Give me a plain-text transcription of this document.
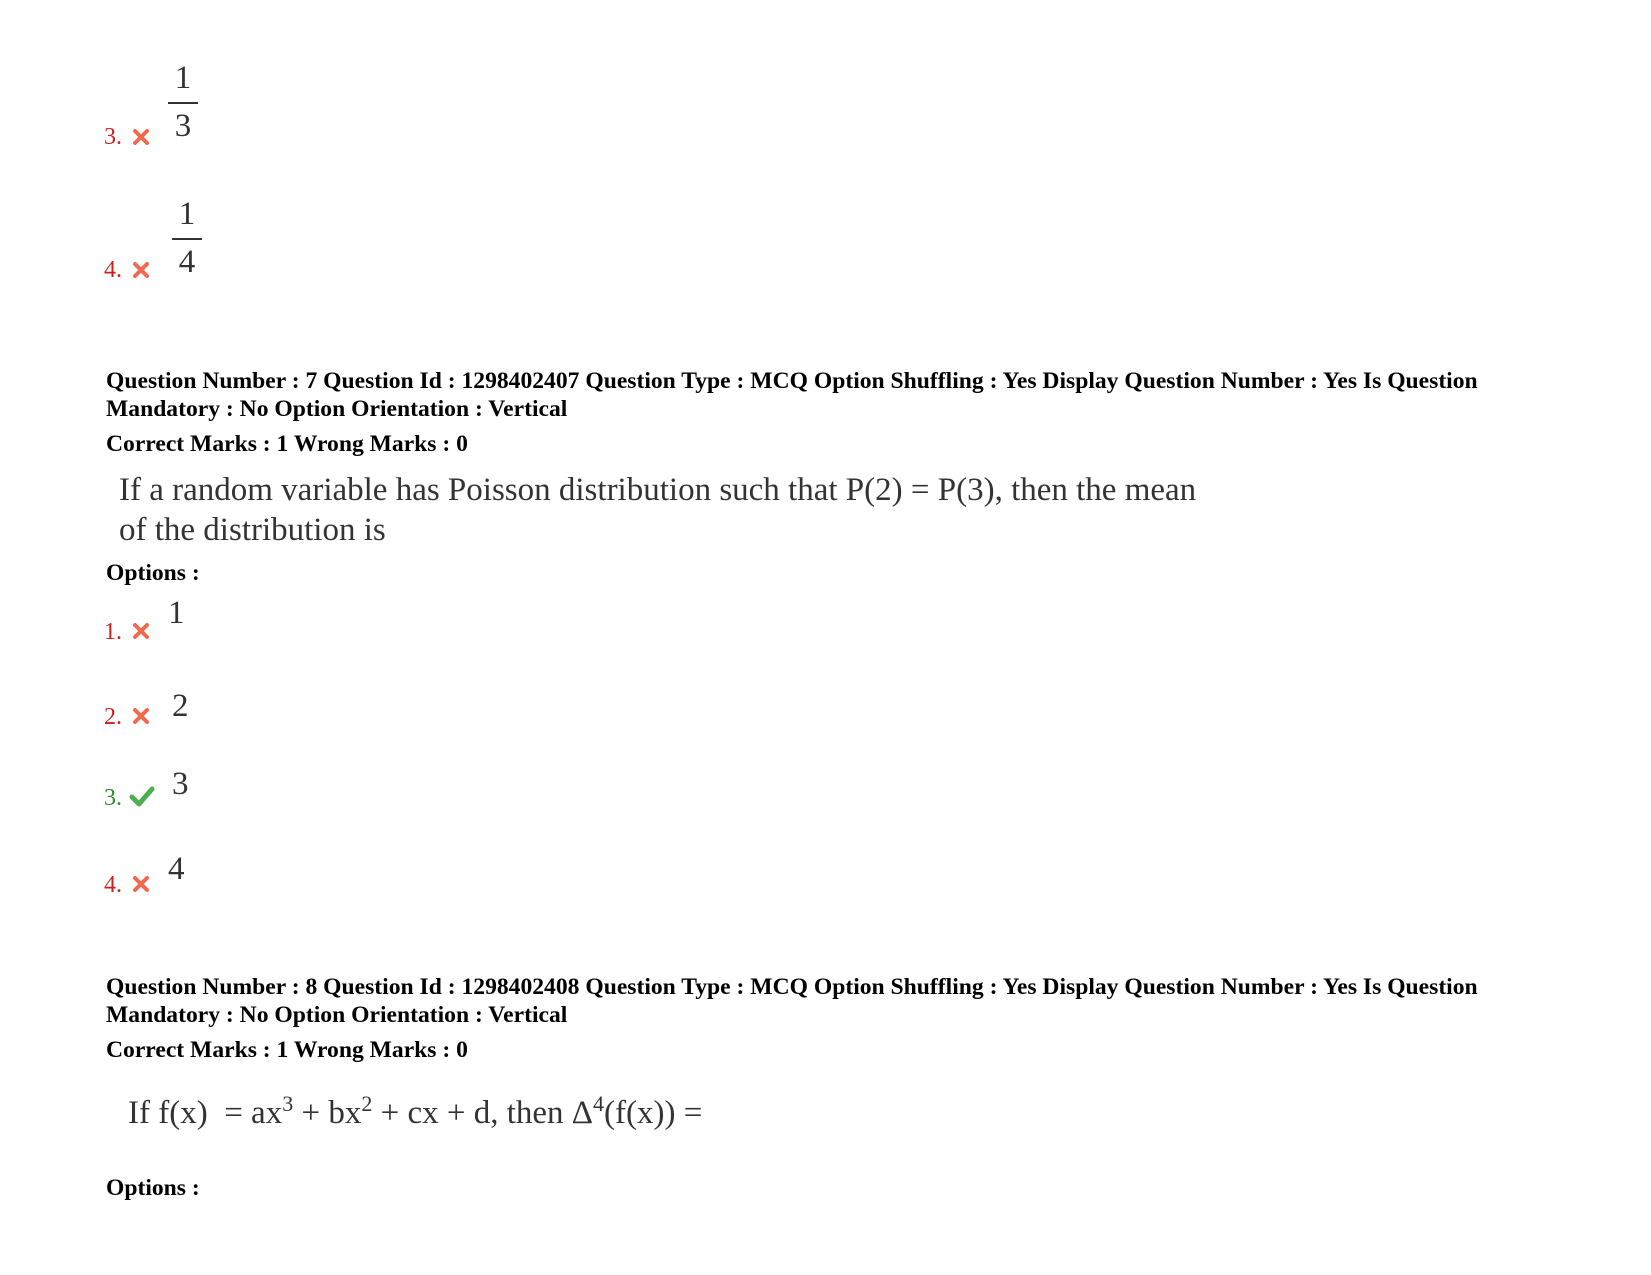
3.
1
3
4.
1
4
Question Number : 7 Question Id : 1298402407 Question Type : MCQ Option Shuffling : Yes Display Question Number : Yes Is Question
Mandatory : No Option Orientation : Vertical
Correct Marks : 1 Wrong Marks : 0
If a random variable has Poisson distribution such that P(2) = P(3), then the mean
of the distribution is
Options :
1.
1
2. 2
3. 3
4. 4
Question Number : 8 Question Id : 1298402408 Question Type : MCQ Option Shuffling : Yes Display Question Number : Yes Is Question
Mandatory : No Option Orientation : Vertical
Correct Marks : 1 Wrong Marks : 0
If $f(x) = ax^3 + bx^2$ + cx + d, then $\Delta^4(f(x))$ =
Options :
